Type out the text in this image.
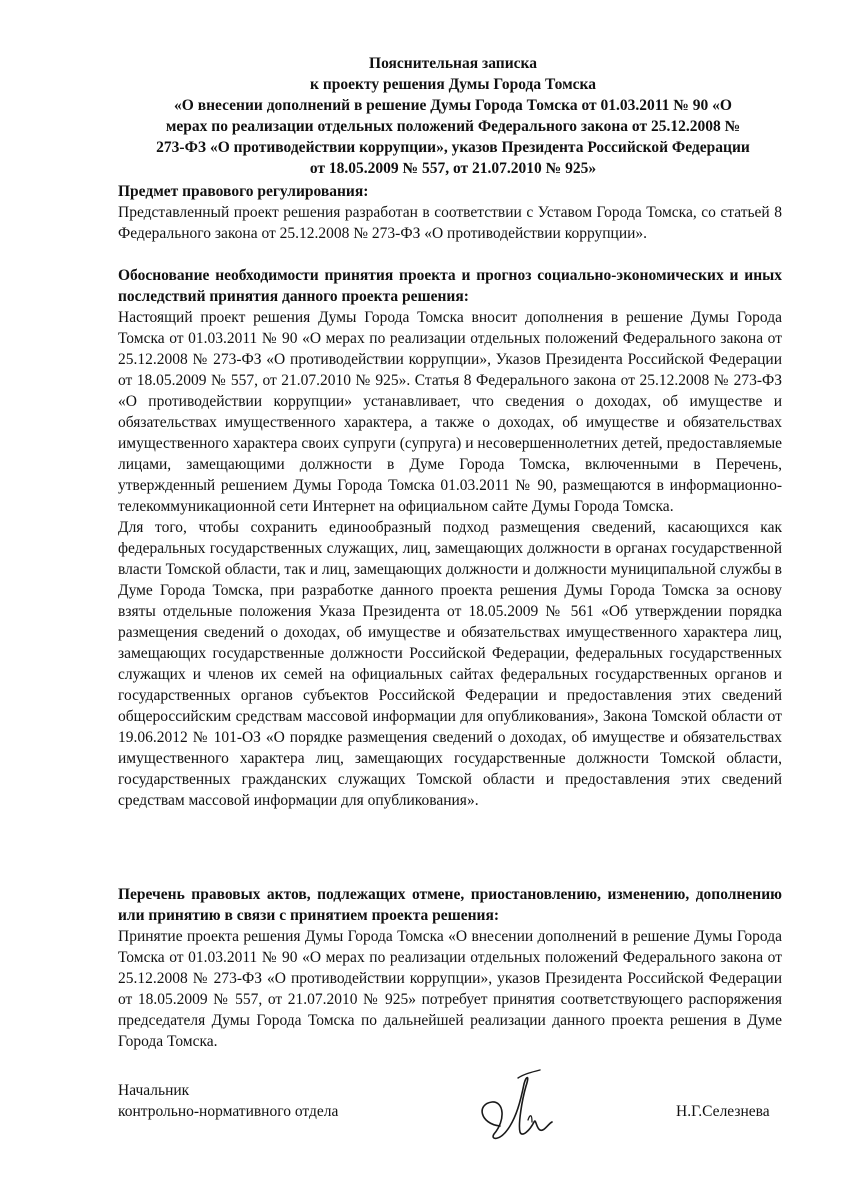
Пояснительная записка
к проекту решения Думы Города Томска
«О внесении дополнений в решение Думы Города Томска от 01.03.2011 № 90 «О
мерах по реализации отдельных положений Федерального закона от 25.12.2008 №
273-ФЗ «О противодействии коррупции», указов Президента Российской Федерации
от 18.05.2009 № 557, от 21.07.2010 № 925»
Предмет правового регулирования:
Представленный проект решения разработан в соответствии с Уставом Города Томска, со статьей 8 Федерального закона от 25.12.2008 № 273-ФЗ «О противодействии коррупции».
Обоснование необходимости принятия проекта и прогноз социально-экономических и иных последствий принятия данного проекта решения:
Настоящий проект решения Думы Города Томска вносит дополнения в решение Думы Города Томска от 01.03.2011 № 90 «О мерах по реализации отдельных положений Федерального закона от 25.12.2008 № 273-ФЗ «О противодействии коррупции», Указов Президента Российской Федерации от 18.05.2009 № 557, от 21.07.2010 № 925». Статья 8 Федерального закона от 25.12.2008 № 273-ФЗ «О противодействии коррупции» устанавливает, что сведения о доходах, об имуществе и обязательствах имущественного характера, а также о доходах, об имуществе и обязательствах имущественного характера своих супруги (супруга) и несовершеннолетних детей, предоставляемые лицами, замещающими должности в Думе Города Томска, включенными в Перечень, утвержденный решением Думы Города Томска 01.03.2011 № 90, размещаются в информационно-телекоммуникационной сети Интернет на официальном сайте Думы Города Томска.
Для того, чтобы сохранить единообразный подход размещения сведений, касающихся как федеральных государственных служащих, лиц, замещающих должности в органах государственной власти Томской области, так и лиц, замещающих должности и должности муниципальной службы в Думе Города Томска, при разработке данного проекта решения Думы Города Томска за основу взяты отдельные положения Указа Президента от 18.05.2009 № 561 «Об утверждении порядка размещения сведений о доходах, об имуществе и обязательствах имущественного характера лиц, замещающих государственные должности Российской Федерации, федеральных государственных служащих и членов их семей на официальных сайтах федеральных государственных органов и государственных органов субъектов Российской Федерации и предоставления этих сведений общероссийским средствам массовой информации для опубликования», Закона Томской области от 19.06.2012 № 101-ОЗ «О порядке размещения сведений о доходах, об имуществе и обязательствах имущественного характера лиц, замещающих государственные должности Томской области, государственных гражданских служащих Томской области и предоставления этих сведений средствам массовой информации для опубликования».
Перечень правовых актов, подлежащих отмене, приостановлению, изменению, дополнению или принятию в связи с принятием проекта решения:
Принятие проекта решения Думы Города Томска «О внесении дополнений в решение Думы Города Томска от 01.03.2011 № 90 «О мерах по реализации отдельных положений Федерального закона от 25.12.2008 № 273-ФЗ «О противодействии коррупции», указов Президента Российской Федерации от 18.05.2009 № 557, от 21.07.2010 № 925» потребует принятия соответствующего распоряжения председателя Думы Города Томска по дальнейшей реализации данного проекта решения в Думе Города Томска.
Начальник
контрольно-нормативного отдела	Н.Г.Селезнева
